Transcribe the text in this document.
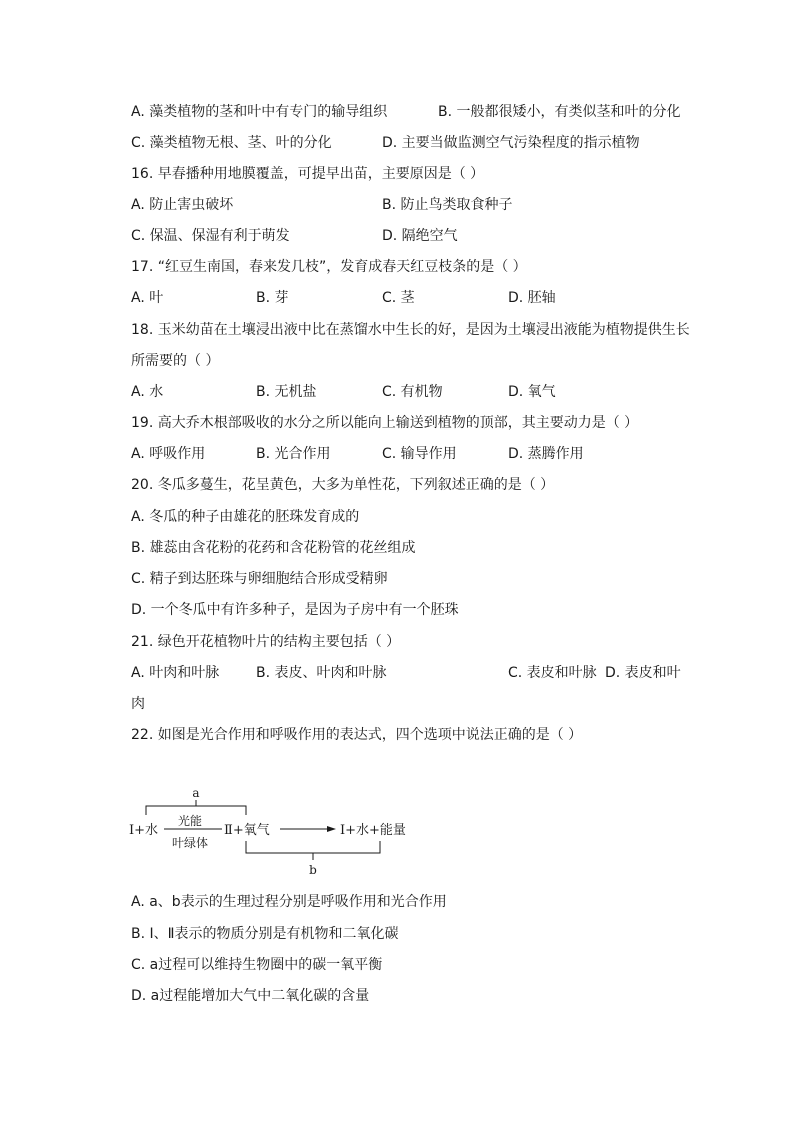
A. 藻类植物的茎和叶中有专门的输导组织	B. 一般都很矮小，有类似茎和叶的分化
C. 藻类植物无根、茎、叶的分化	D. 主要当做监测空气污染程度的指示植物
16. 早春播种用地膜覆盖，可提早出苗，主要原因是（ ）
A. 防止害虫破坏	B. 防止鸟类取食种子
C. 保温、保湿有利于萌发	D. 隔绝空气
17. “红豆生南国，春来发几枝”，发育成春天红豆枝条的是（ ）
A. 叶	B. 芽	C. 茎	D. 胚轴
18. 玉米幼苗在土壤浸出液中比在蒸馏水中生长的好，是因为土壤浸出液能为植物提供生长
所需要的（ ）
A. 水	B. 无机盐	C. 有机物	D. 氧气
19. 高大乔木根部吸收的水分之所以能向上输送到植物的顶部，其主要动力是（ ）
A. 呼吸作用	B. 光合作用	C. 输导作用	D. 蒸腾作用
20. 冬瓜多蔓生，花呈黄色，大多为单性花，下列叙述正确的是（ ）
A. 冬瓜的种子由雄花的胚珠发育成的
B. 雄蕊由含花粉的花药和含花粉管的花丝组成
C. 精子到达胚珠与卵细胞结合形成受精卵
D. 一个冬瓜中有许多种子，是因为子房中有一个胚珠
21. 绿色开花植物叶片的结构主要包括（ ）
A. 叶肉和叶脉	B. 表皮、叶肉和叶脉	C. 表皮和叶脉 D. 表皮和叶
肉
22. 如图是光合作用和呼吸作用的表达式，四个选项中说法正确的是（ ）
a
Ⅰ+水
光能
叶绿体
Ⅱ+氧气	Ⅰ+水+能量
b
A. a、b表示的生理过程分别是呼吸作用和光合作用
B. Ⅰ、Ⅱ表示的物质分别是有机物和二氧化碳
C. a过程可以维持生物圈中的碳一氧平衡
D. a过程能增加大气中二氧化碳的含量
